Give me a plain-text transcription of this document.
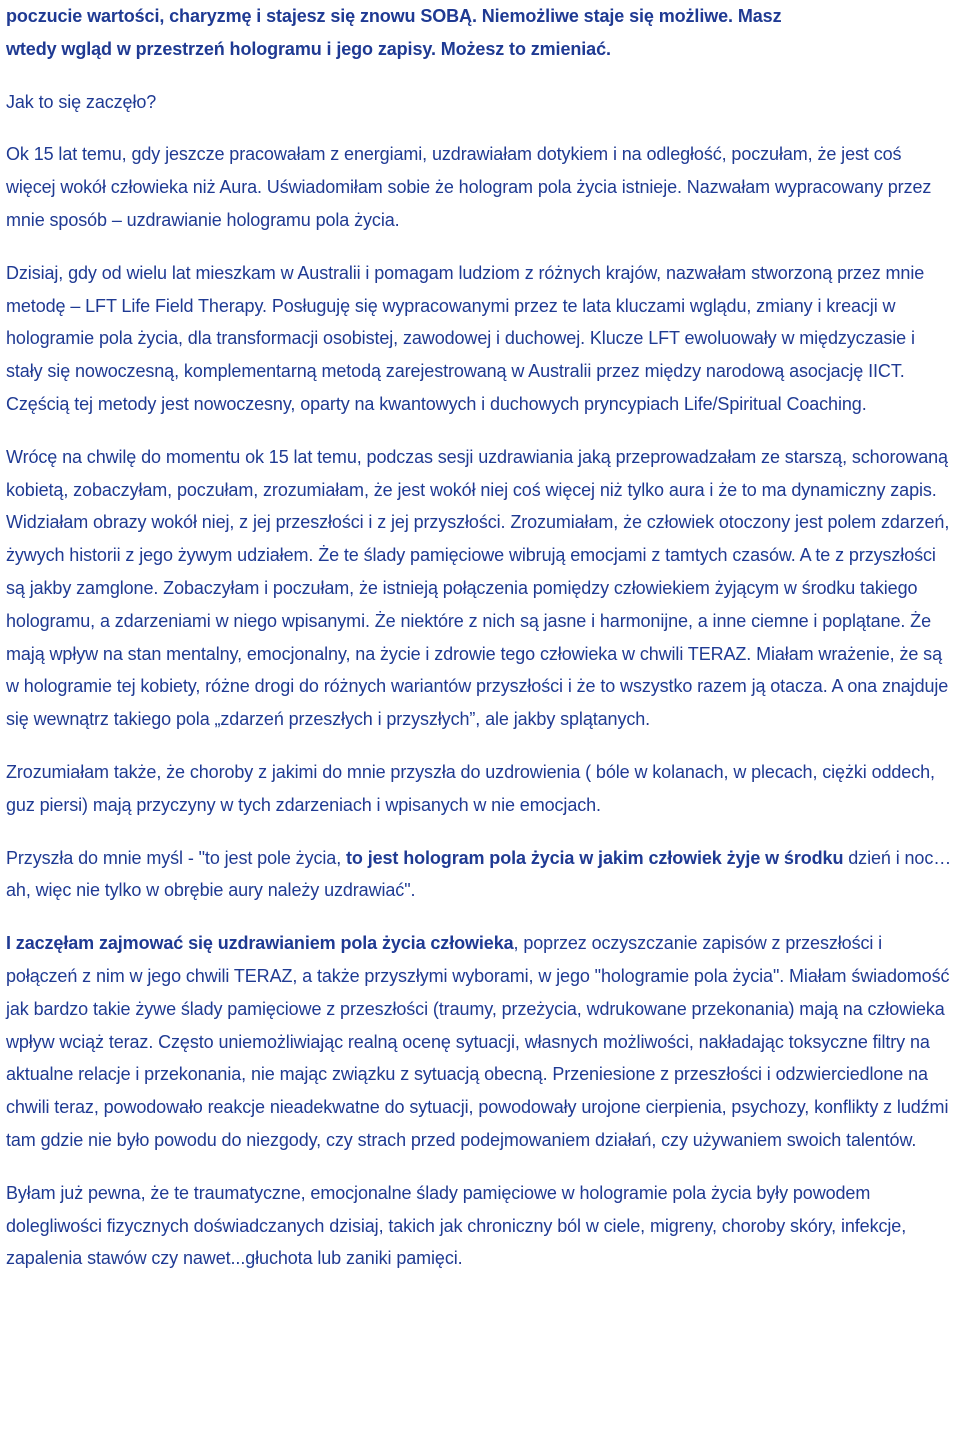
poczucie wartości, charyzmę i stajesz się znowu SOBĄ. Niemożliwe staje się możliwe. Masz
wtedy wgląd w przestrzeń hologramu i jego zapisy. Możesz to zmieniać.

Jak to się zaczęło?

Ok 15 lat temu, gdy jeszcze pracowałam z energiami, uzdrawiałam dotykiem i na odległość, poczułam, że jest coś więcej wokół człowieka niż Aura. Uświadomiłam sobie że hologram pola życia istnieje. Nazwałam wypracowany przez mnie sposób – uzdrawianie hologramu pola życia.

Dzisiaj, gdy od wielu lat mieszkam w Australii i pomagam ludziom z różnych krajów, nazwałam stworzoną przez mnie metodę – LFT Life Field Therapy. Posługuję się wypracowanymi przez te lata kluczami wglądu, zmiany i kreacji w hologramie pola życia, dla transformacji osobistej, zawodowej i duchowej. Klucze LFT ewoluowały w międzyczasie i stały się nowoczesną, komplementarną metodą zarejestrowaną w Australii przez między narodową asocjację IICT. Częścią tej metody jest nowoczesny, oparty na kwantowych i duchowych pryncypiach Life/Spiritual Coaching.

Wrócę na chwilę do momentu ok 15 lat temu, podczas sesji uzdrawiania jaką przeprowadzałam ze starszą, schorowaną kobietą, zobaczyłam, poczułam, zrozumiałam, że jest wokół niej coś więcej niż tylko aura i że to ma dynamiczny zapis. Widziałam obrazy wokół niej, z jej przeszłości i z jej przyszłości. Zrozumiałam, że człowiek otoczony jest polem zdarzeń, żywych historii z jego żywym udziałem. Że te ślady pamięciowe wibrują emocjami z tamtych czasów. A te z przyszłości są jakby zamglone. Zobaczyłam i poczułam, że istnieją połączenia pomiędzy człowiekiem żyjącym w środku takiego hologramu, a zdarzeniami w niego wpisanymi. Że niektóre z nich są jasne i harmonijne, a inne ciemne i poplątane. Że mają wpływ na stan mentalny, emocjonalny, na życie i zdrowie tego człowieka w chwili TERAZ. Miałam wrażenie, że są w hologramie tej kobiety, różne drogi do różnych wariantów przyszłości i że to wszystko razem ją otacza. A ona znajduje się wewnątrz takiego pola „zdarzeń przeszłych i przyszłych”, ale jakby splątanych.

Zrozumiałam także, że choroby z jakimi do mnie przyszła do uzdrowienia ( bóle w kolanach, w plecach, ciężki oddech, guz piersi) mają przyczyny w tych zdarzeniach i wpisanych w nie emocjach.

Przyszła do mnie myśl - "to jest pole życia, to jest hologram pola życia w jakim człowiek żyje w środku dzień i noc…ah, więc nie tylko w obrębie aury należy uzdrawiać".

I zaczęłam zajmować się uzdrawianiem pola życia człowieka, poprzez oczyszczanie zapisów z przeszłości i połączeń z nim w jego chwili TERAZ, a także przyszłymi wyborami, w jego "hologramie pola życia". Miałam świadomość jak bardzo takie żywe ślady pamięciowe z przeszłości (traumy, przeżycia, wdrukowane przekonania) mają na człowieka wpływ wciąż teraz. Często uniemożliwiając realną ocenę sytuacji, własnych możliwości, nakładając toksyczne filtry na aktualne relacje i przekonania, nie mając związku z sytuacją obecną. Przeniesione z przeszłości i odzwierciedlone na chwili teraz, powodowało reakcje nieadekwatne do sytuacji, powodowały urojone cierpienia, psychozy, konflikty z ludźmi tam gdzie nie było powodu do niezgody, czy strach przed podejmowaniem działań, czy używaniem swoich talentów.

Byłam już pewna, że te traumatyczne, emocjonalne ślady pamięciowe w hologramie pola życia były powodem dolegliwości fizycznych doświadczanych dzisiaj, takich jak chroniczny ból w ciele, migreny, choroby skóry, infekcje, zapalenia stawów czy nawet...głuchota lub zaniki pamięci.
